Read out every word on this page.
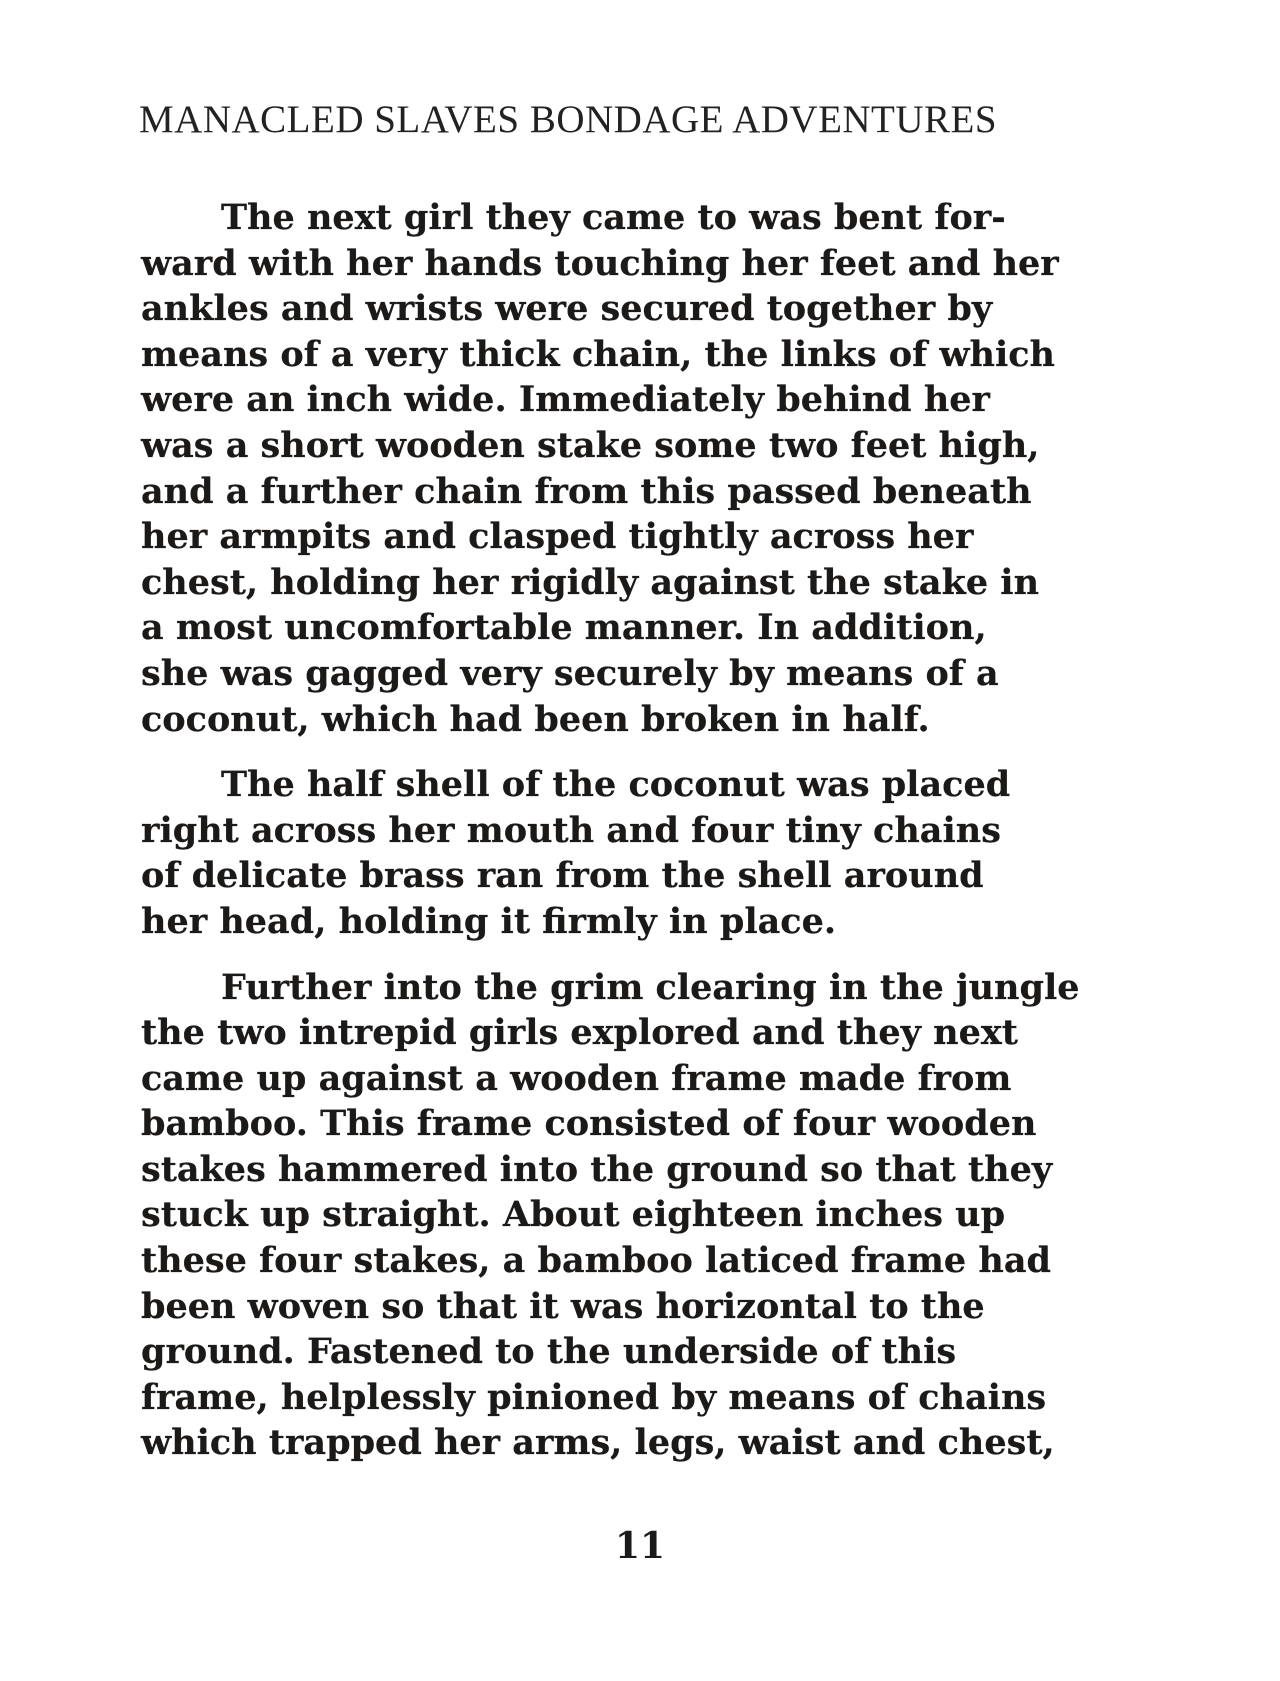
MANACLED SLAVES BONDAGE ADVENTURES

The next girl they came to was bent for-
ward with her hands touching her feet and her
ankles and wrists were secured together by
means of a very thick chain, the links of which
were an inch wide. Immediately behind her
was a short wooden stake some two feet high,
and a further chain from this passed beneath
her armpits and clasped tightly across her
chest, holding her rigidly against the stake in
a most uncomfortable manner. In addition,
she was gagged very securely by means of a
coconut, which had been broken in half.

The half shell of the coconut was placed
right across her mouth and four tiny chains
of delicate brass ran from the shell around
her head, holding it firmly in place.

Further into the grim clearing in the jungle
the two intrepid girls explored and they next
came up against a wooden frame made from
bamboo. This frame consisted of four wooden
stakes hammered into the ground so that they
stuck up straight. About eighteen inches up
these four stakes, a bamboo laticed frame had
been woven so that it was horizontal to the
ground. Fastened to the underside of this
frame, helplessly pinioned by means of chains
which trapped her arms, legs, waist and chest,

11
